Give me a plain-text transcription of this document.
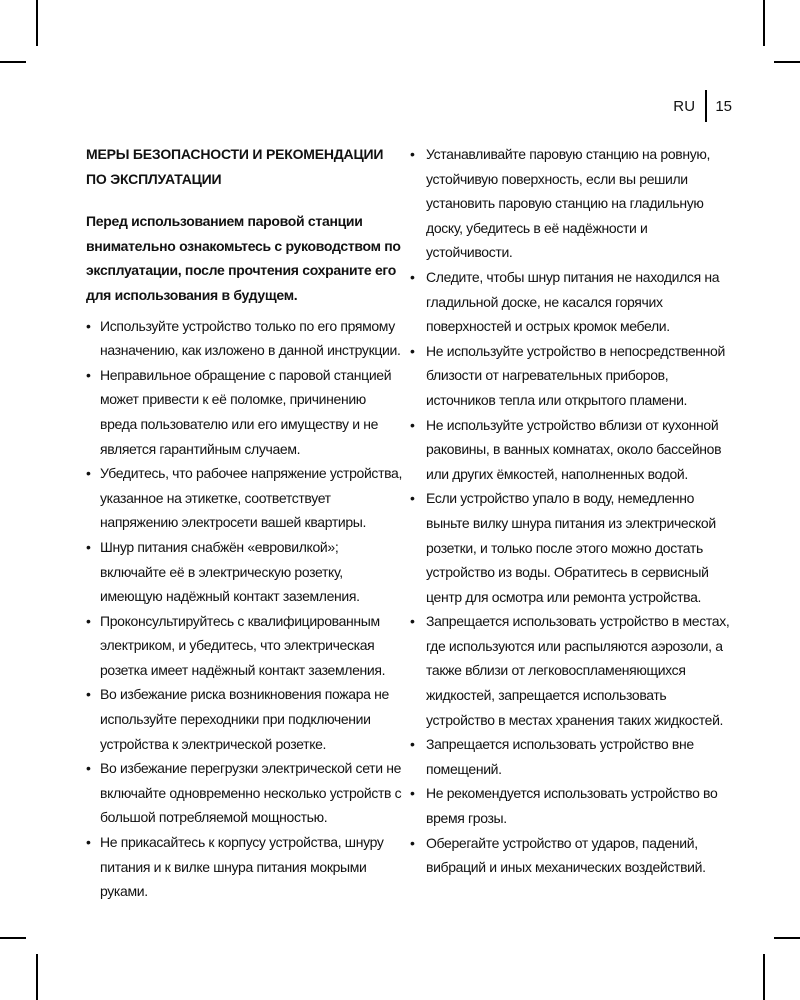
RU 15
МЕРЫ БЕЗОПАСНОСТИ И РЕКОМЕНДАЦИИ ПО ЭКСПЛУАТАЦИИ
Перед использованием паровой станции внимательно ознакомьтесь с руководством по эксплуатации, после прочтения сохраните его для использования в будущем.
• Используйте устройство только по его прямому назначению, как изложено в данной инструкции.
• Неправильное обращение с паровой станцией может привести к её поломке, причинению вреда пользователю или его имуществу и не является гарантийным случаем.
• Убедитесь, что рабочее напряжение устройства, указанное на этикетке, соответствует напряжению электросети вашей квартиры.
• Шнур питания снабжён «евровилкой»; включайте её в электрическую розетку, имеющую надёжный контакт заземления.
• Проконсультируйтесь с квалифицированным электриком, и убедитесь, что электрическая розетка имеет надёжный контакт заземления.
• Во избежание риска возникновения пожара не используйте переходники при подключении устройства к электрической розетке.
• Во избежание перегрузки электрической сети не включайте одновременно несколько устройств с большой потребляемой мощностью.
• Не прикасайтесь к корпусу устройства, шнуру питания и к вилке шнура питания мокрыми руками.
• Устанавливайте паровую станцию на ровную, устойчивую поверхность, если вы решили установить паровую станцию на гладильную доску, убедитесь в её надёжности и устойчивости.
• Следите, чтобы шнур питания не находился на гладильной доске, не касался горячих поверхностей и острых кромок мебели.
• Не используйте устройство в непосредственной близости от нагревательных приборов, источников тепла или открытого пламени.
• Не используйте устройство вблизи от кухонной раковины, в ванных комнатах, около бассейнов или других ёмкостей, наполненных водой.
• Если устройство упало в воду, немедленно выньте вилку шнура питания из электрической розетки, и только после этого можно достать устройство из воды. Обратитесь в сервисный центр для осмотра или ремонта устройства.
• Запрещается использовать устройство в местах, где используются или распыляются аэрозоли, а также вблизи от легковоспламеняющихся жидкостей, запрещается использовать устройство в местах хранения таких жидкостей.
• Запрещается использовать устройство вне помещений.
• Не рекомендуется использовать устройство во время грозы.
• Оберегайте устройство от ударов, падений, вибраций и иных механических воздействий.
